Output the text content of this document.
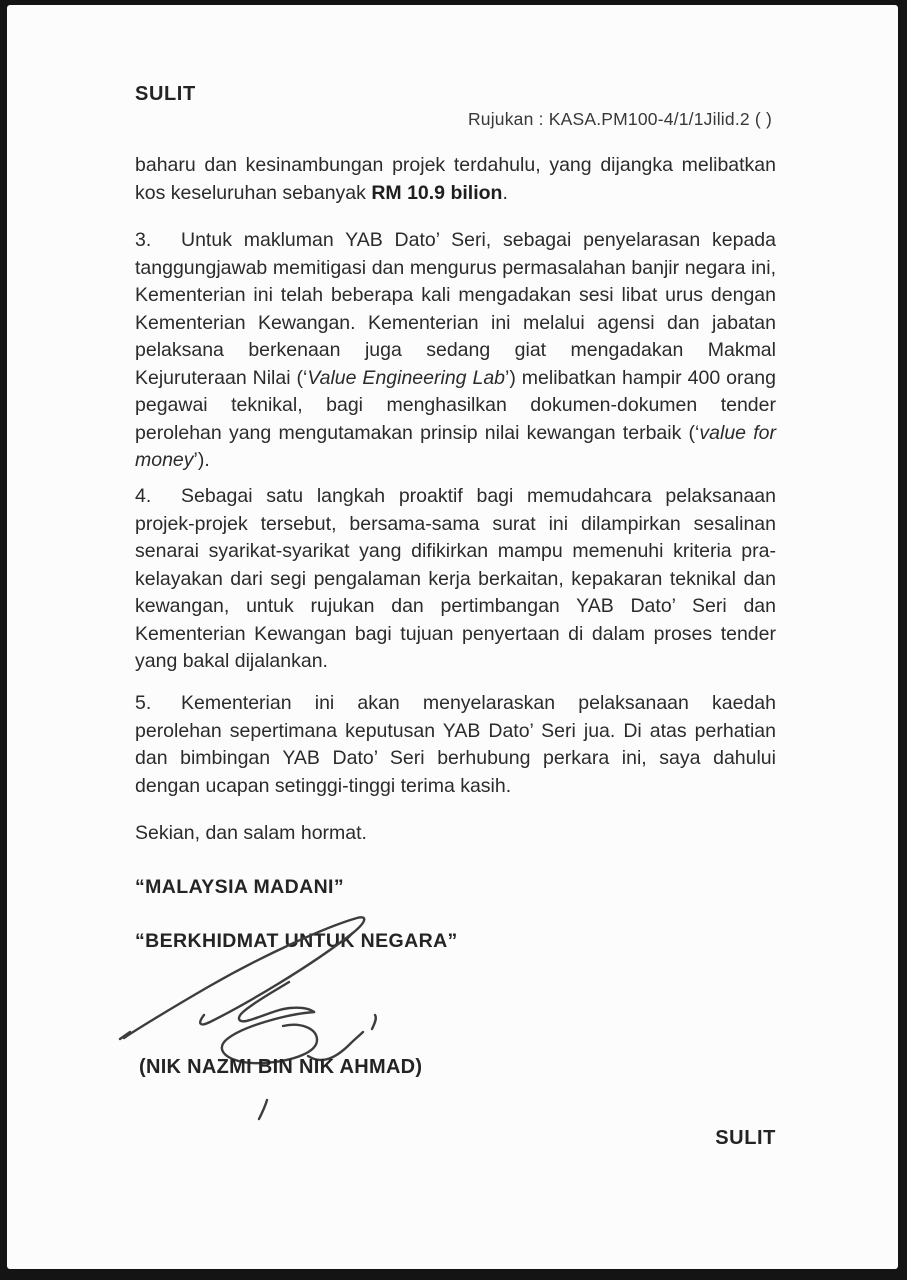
SULIT
Rujukan : KASA.PM100-4/1/1Jilid.2 ( )

baharu dan kesinambungan projek terdahulu, yang dijangka melibatkan kos keseluruhan sebanyak RM 10.9 bilion.

3. Untuk makluman YAB Dato’ Seri, sebagai penyelarasan kepada tanggungjawab memitigasi dan mengurus permasalahan banjir negara ini, Kementerian ini telah beberapa kali mengadakan sesi libat urus dengan Kementerian Kewangan. Kementerian ini melalui agensi dan jabatan pelaksana berkenaan juga sedang giat mengadakan Makmal Kejuruteraan Nilai (‘Value Engineering Lab’) melibatkan hampir 400 orang pegawai teknikal, bagi menghasilkan dokumen-dokumen tender perolehan yang mengutamakan prinsip nilai kewangan terbaik (‘value for money’).

4. Sebagai satu langkah proaktif bagi memudahcara pelaksanaan projek-projek tersebut, bersama-sama surat ini dilampirkan sesalinan senarai syarikat-syarikat yang difikirkan mampu memenuhi kriteria pra-kelayakan dari segi pengalaman kerja berkaitan, kepakaran teknikal dan kewangan, untuk rujukan dan pertimbangan YAB Dato’ Seri dan Kementerian Kewangan bagi tujuan penyertaan di dalam proses tender yang bakal dijalankan.

5. Kementerian ini akan menyelaraskan pelaksanaan kaedah perolehan sepertimana keputusan YAB Dato’ Seri jua. Di atas perhatian dan bimbingan YAB Dato’ Seri berhubung perkara ini, saya dahului dengan ucapan setinggi-tinggi terima kasih.

Sekian, dan salam hormat.

“MALAYSIA MADANI”

“BERKHIDMAT UNTUK NEGARA”

(NIK NAZMI BIN NIK AHMAD)

SULIT
